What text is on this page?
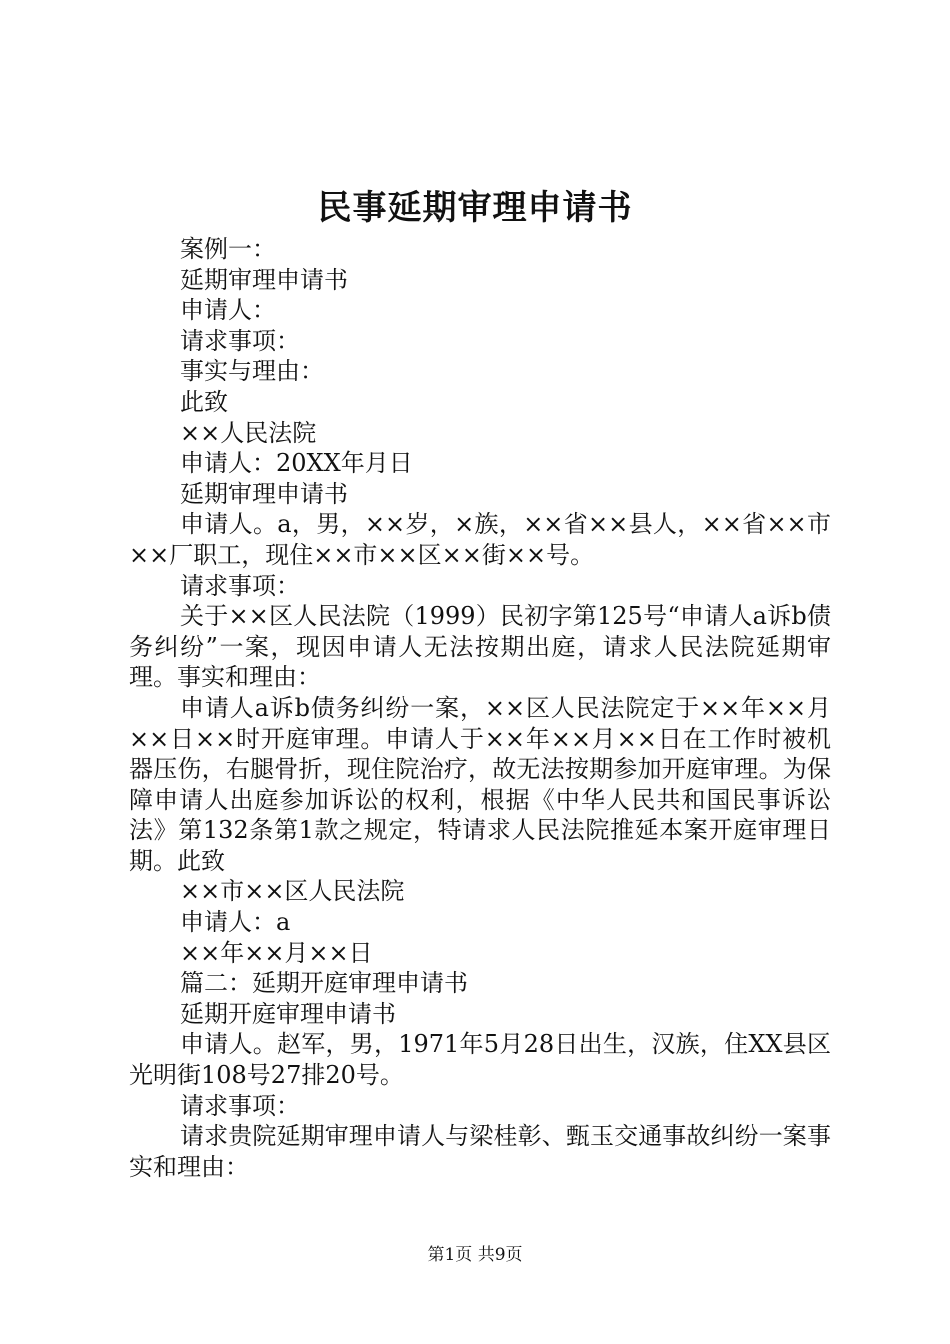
民事延期审理申请书
案例一：
延期审理申请书
申请人：
请求事项：
事实与理由：
此致
××人民法院
申请人：20XX年月日
延期审理申请书
申请人。a，男，××岁，×族，××省××县人，××省××市××厂职工，现住××市××区××街××号。
请求事项：
关于××区人民法院（1999）民初字第125号“申请人a诉b债务纠纷”一案，现因申请人无法按期出庭，请求人民法院延期审理。事实和理由：
申请人a诉b债务纠纷一案，××区人民法院定于××年××月××日××时开庭审理。申请人于××年××月××日在工作时被机器压伤，右腿骨折，现住院治疗，故无法按期参加开庭审理。为保障申请人出庭参加诉讼的权利，根据《中华人民共和国民事诉讼法》第132条第1款之规定，特请求人民法院推延本案开庭审理日期。此致
××市××区人民法院
申请人：a
××年××月××日
篇二：延期开庭审理申请书
延期开庭审理申请书
申请人。赵军，男，1971年5月28日出生，汉族，住XX县区光明街108号27排20号。
请求事项：
请求贵院延期审理申请人与梁桂彰、甄玉交通事故纠纷一案事实和理由：
第1页 共9页
